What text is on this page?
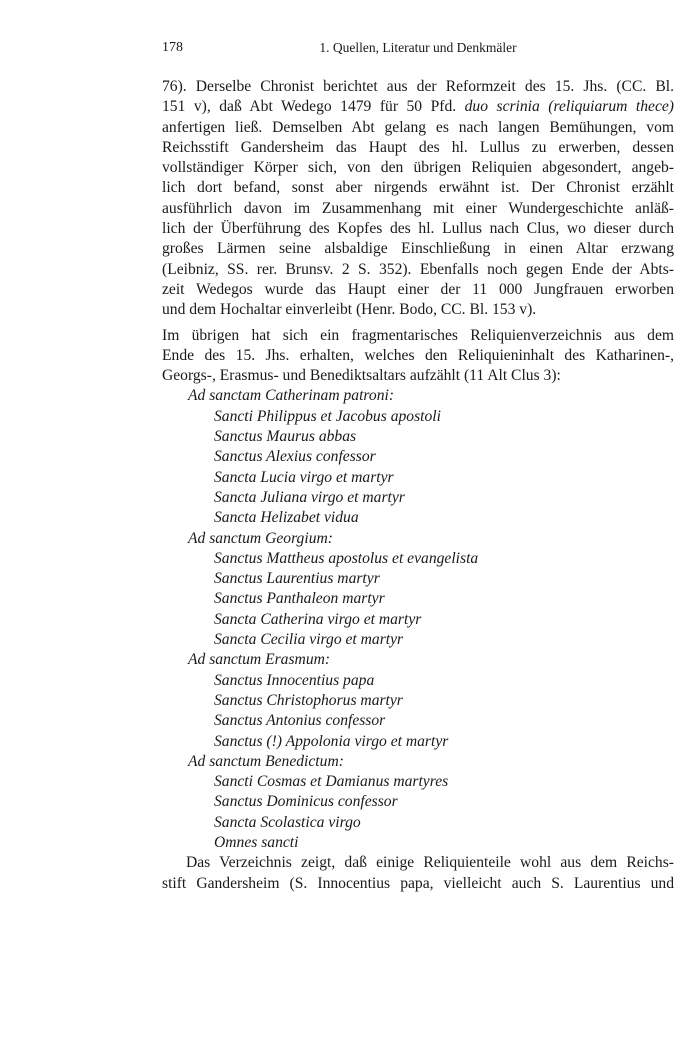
178	1. Quellen, Literatur und Denkmäler
76). Derselbe Chronist berichtet aus der Reformzeit des 15. Jhs. (CC. Bl.
151 v), daß Abt Wedego 1479 für 50 Pfd. duo scrinia (reliquiarum thece)
anfertigen ließ. Demselben Abt gelang es nach langen Bemühungen, vom
Reichsstift Gandersheim das Haupt des hl. Lullus zu erwerben, dessen
vollständiger Körper sich, von den übrigen Reliquien abgesondert, angeb-
lich dort befand, sonst aber nirgends erwähnt ist. Der Chronist erzählt
ausführlich davon im Zusammenhang mit einer Wundergeschichte anläß-
lich der Überführung des Kopfes des hl. Lullus nach Clus, wo dieser durch
großes Lärmen seine alsbaldige Einschließung in einen Altar erzwang
(Leibniz, SS. rer. Brunsv. 2 S. 352). Ebenfalls noch gegen Ende der Abts-
zeit Wedegos wurde das Haupt einer der 11 000 Jungfrauen erworben
und dem Hochaltar einverleibt (Henr. Bodo, CC. Bl. 153 v).
Im übrigen hat sich ein fragmentarisches Reliquienverzeichnis aus dem
Ende des 15. Jhs. erhalten, welches den Reliquieninhalt des Katharinen-,
Georgs-, Erasmus- und Benediktsaltars aufzählt (11 Alt Clus 3):
Ad sanctam Catherinam patroni:
Sancti Philippus et Jacobus apostoli
Sanctus Maurus abbas
Sanctus Alexius confessor
Sancta Lucia virgo et martyr
Sancta Juliana virgo et martyr
Sancta Helizabet vidua
Ad sanctum Georgium:
Sanctus Mattheus apostolus et evangelista
Sanctus Laurentius martyr
Sanctus Panthaleon martyr
Sancta Catherina virgo et martyr
Sancta Cecilia virgo et martyr
Ad sanctum Erasmum:
Sanctus Innocentius papa
Sanctus Christophorus martyr
Sanctus Antonius confessor
Sanctus (!) Appolonia virgo et martyr
Ad sanctum Benedictum:
Sancti Cosmas et Damianus martyres
Sanctus Dominicus confessor
Sancta Scolastica virgo
Omnes sancti
Das Verzeichnis zeigt, daß einige Reliquienteile wohl aus dem Reichs-
stift Gandersheim (S. Innocentius papa, vielleicht auch S. Laurentius und
